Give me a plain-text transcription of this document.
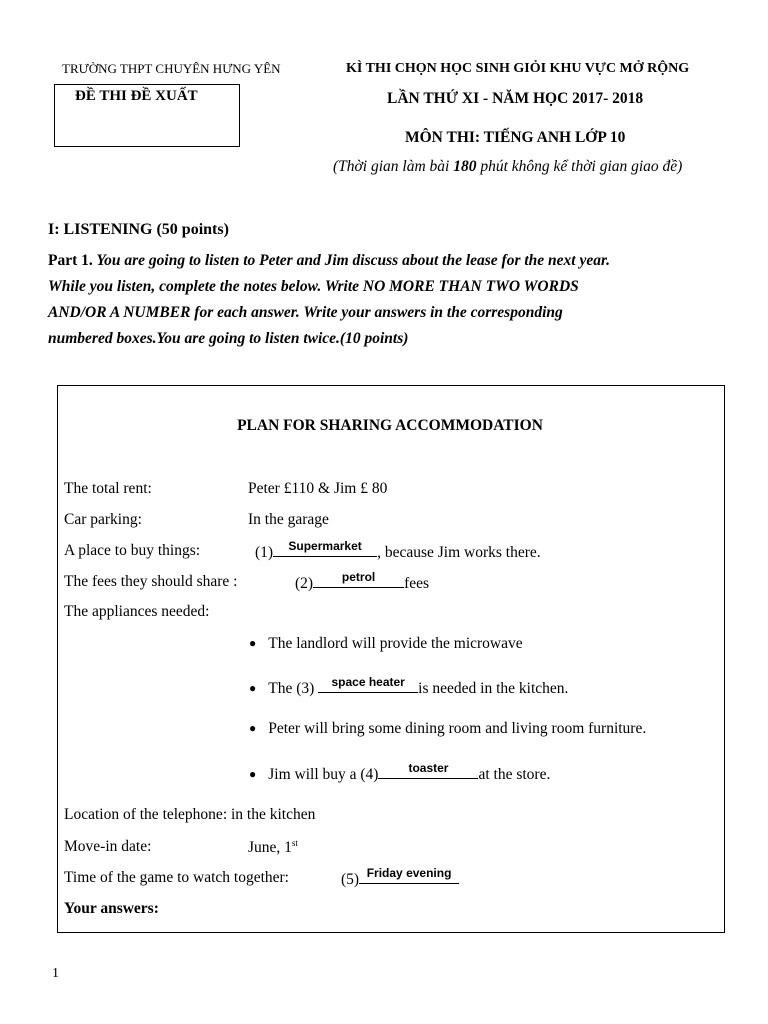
TRƯỜNG THPT CHUYÊN HƯNG YÊN
ĐỀ THI ĐỀ XUẤT
KÌ THI CHỌN HỌC SINH GIỎI KHU VỰC MỞ RỘNG
LẦN THỨ XI - NĂM HỌC 2017- 2018
MÔN THI: TIẾNG ANH LỚP 10
(Thời gian làm bài 180 phút không kể thời gian giao đề)
I: LISTENING (50 points)
Part 1. You are going to listen to Peter and Jim discuss about the lease for the next year.
While you listen, complete the notes below. Write NO MORE THAN TWO WORDS
AND/OR A NUMBER for each answer. Write your answers in the corresponding
numbered boxes.You are going to listen twice.(10 points)
PLAN FOR SHARING ACCOMMODATION
The total rent:	Peter £110 & Jim £ 80
Car parking:	In the garage
A place to buy things:	(1)	Supermarket , because Jim works there.
The fees they should share :	(2)	petrol	fees
The appliances needed:
● The landlord will provide the microwave
● The (3)	space heater is needed in the kitchen.
● Peter will bring some dining room and living room furniture.
● Jim will buy a (4)	toaster	at the store.
Location of the telephone: in the kitchen
Move-in date:	June, 1st
Time of the game to watch together:	(5) Friday evening
Your answers:
1
